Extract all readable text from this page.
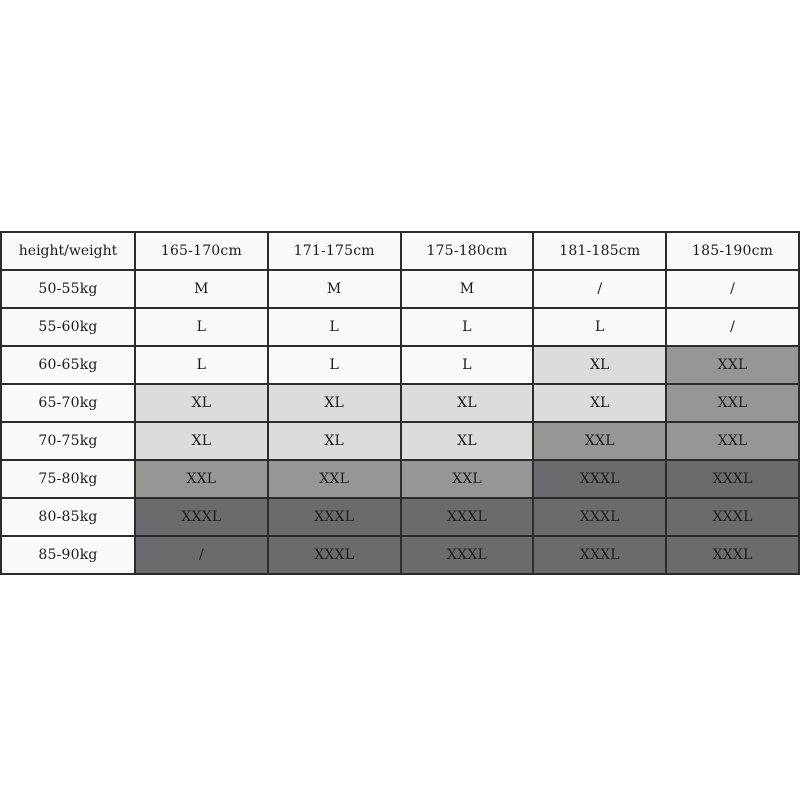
height/weight	165-170cm	171-175cm	175-180cm	181-185cm	185-190cm
50-55kg	M	M	M	/	/
55-60kg	L	L	L	L	/
60-65kg	L	L	L	XL	XXL
65-70kg	XL	XL	XL	XL	XXL
70-75kg	XL	XL	XL	XXL	XXL
75-80kg	XXL	XXL	XXL	XXXL	XXXL
80-85kg	XXXL	XXXL	XXXL	XXXL	XXXL
85-90kg	/	XXXL	XXXL	XXXL	XXXL
